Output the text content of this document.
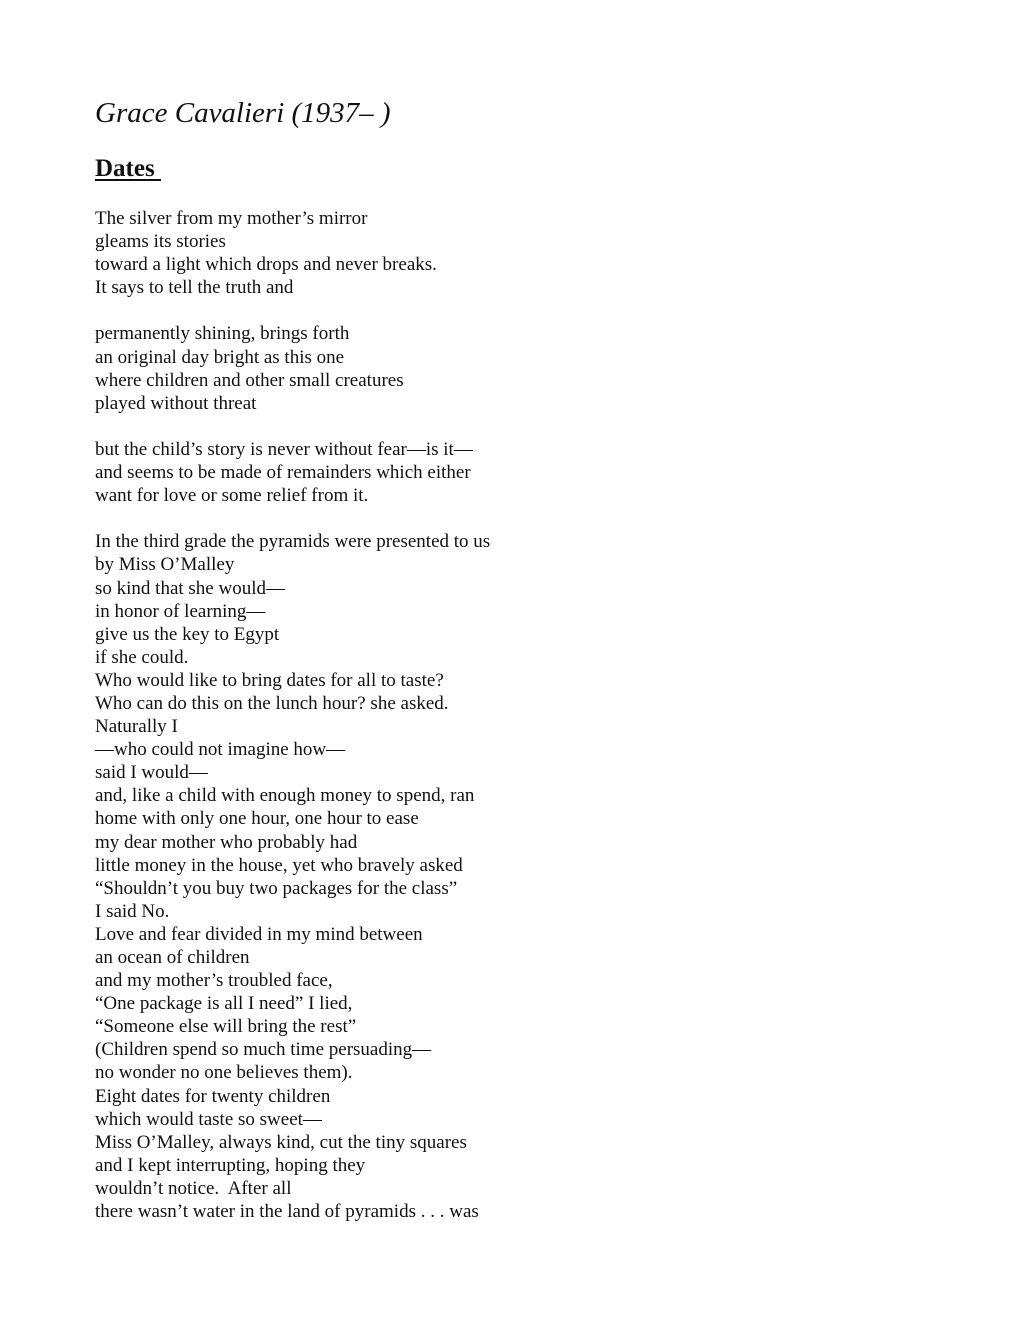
Grace Cavalieri (1937– )
Dates
The silver from my mother’s mirror
gleams its stories
toward a light which drops and never breaks.
It says to tell the truth and
permanently shining, brings forth
an original day bright as this one
where children and other small creatures
played without threat
but the child’s story is never without fear—is it—
and seems to be made of remainders which either
want for love or some relief from it.
In the third grade the pyramids were presented to us
by Miss O’Malley
so kind that she would—
in honor of learning—
give us the key to Egypt
if she could.
Who would like to bring dates for all to taste?
Who can do this on the lunch hour? she asked.
Naturally I
—who could not imagine how—
said I would—
and, like a child with enough money to spend, ran
home with only one hour, one hour to ease
my dear mother who probably had
little money in the house, yet who bravely asked
“Shouldn’t you buy two packages for the class”
I said No.
Love and fear divided in my mind between
an ocean of children
and my mother’s troubled face,
“One package is all I need” I lied,
“Someone else will bring the rest”
(Children spend so much time persuading—
no wonder no one believes them).
Eight dates for twenty children
which would taste so sweet—
Miss O’Malley, always kind, cut the tiny squares
and I kept interrupting, hoping they
wouldn’t notice.  After all
there wasn’t water in the land of pyramids . . . was
